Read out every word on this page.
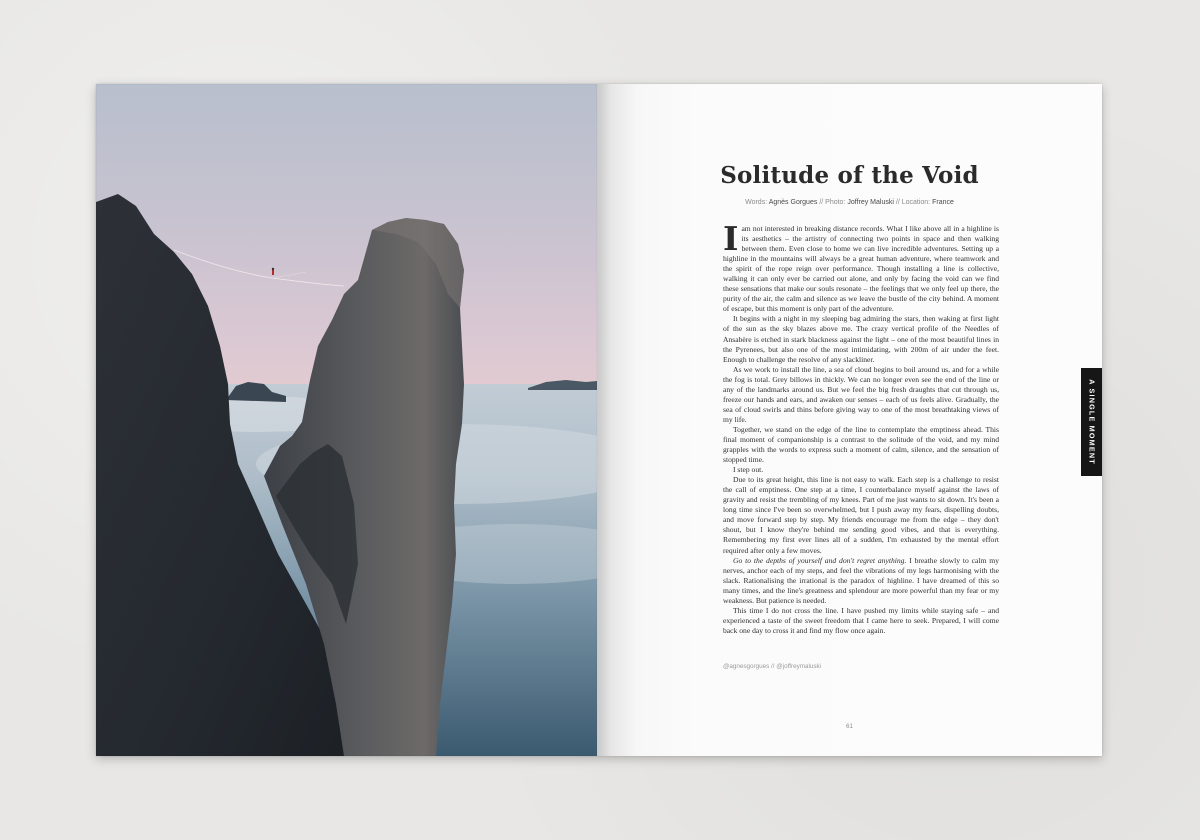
Solitude of the Void
Words: Agnès Gorgues // Photo: Joffrey Maluski // Location: France

Iam not interested in breaking distance records. What I like above all in a highline is its aesthetics – the artistry of connecting two points in space and then walking between them. Even close to home we can live incredible adventures. Setting up a highline in the mountains will always be a great human adventure, where teamwork and the spirit of the rope reign over performance. Though installing a line is collective, walking it can only ever be carried out alone, and only by facing the void can we find these sensations that make our souls resonate – the feelings that we only feel up there, the purity of the air, the calm and silence as we leave the bustle of the city behind. A moment of escape, but this moment is only part of the adventure.

It begins with a night in my sleeping bag admiring the stars, then waking at first light of the sun as the sky blazes above me. The crazy vertical profile of the Needles of Ansabère is etched in stark blackness against the light – one of the most beautiful lines in the Pyrenees, but also one of the most intimidating, with 200m of air under the feet. Enough to challenge the resolve of any slackliner.

As we work to install the line, a sea of cloud begins to boil around us, and for a while the fog is total. Grey billows in thickly. We can no longer even see the end of the line or any of the landmarks around us. But we feel the big fresh draughts that cut through us, freeze our hands and ears, and awaken our senses – each of us feels alive. Gradually, the sea of cloud swirls and thins before giving way to one of the most breathtaking views of my life.

Together, we stand on the edge of the line to contemplate the emptiness ahead. This final moment of companionship is a contrast to the solitude of the void, and my mind grapples with the words to express such a moment of calm, silence, and the sensation of stopped time.

I step out.

Due to its great height, this line is not easy to walk. Each step is a challenge to resist the call of emptiness. One step at a time, I counterbalance myself against the laws of gravity and resist the trembling of my knees. Part of me just wants to sit down. It's been a long time since I've been so overwhelmed, but I push away my fears, dispelling doubts, and move forward step by step. My friends encourage me from the edge – they don't shout, but I know they're behind me sending good vibes, and that is everything. Remembering my first ever lines all of a sudden, I'm exhausted by the mental effort required after only a few moves.

Go to the depths of yourself and don't regret anything. I breathe slowly to calm my nerves, anchor each of my steps, and feel the vibrations of my legs harmonising with the slack. Rationalising the irrational is the paradox of highline. I have dreamed of this so many times, and the line's greatness and splendour are more powerful than my fear or my weakness. But patience is needed.

This time I do not cross the line. I have pushed my limits while staying safe – and experienced a taste of the sweet freedom that I came here to seek. Prepared, I will come back one day to cross it and find my flow once again.

@agnesgorgues // @joffreymaluski
61
A SINGLE MOMENT
